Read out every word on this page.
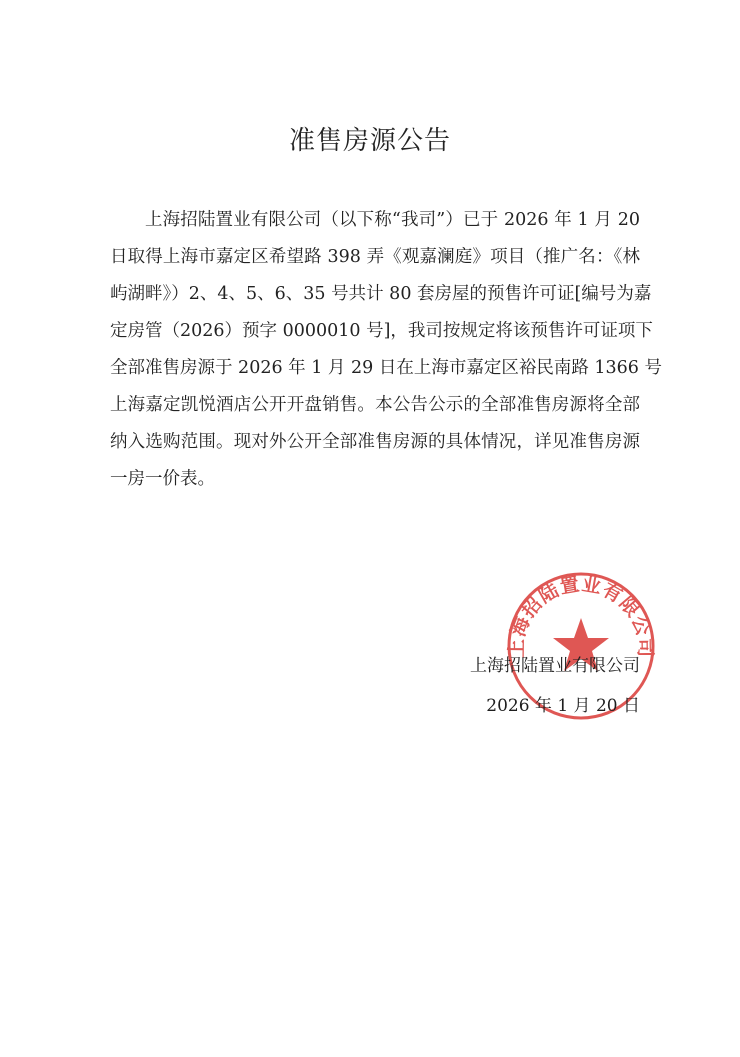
准售房源公告
上海招陆置业有限公司（以下称“我司”）已于 2026 年 1 月 20
日取得上海市嘉定区希望路 398 弄《观嘉澜庭》项目（推广名：《林
屿湖畔》）2、4、5、6、35 号共计 80 套房屋的预售许可证[编号为嘉
定房管（2026）预字 0000010 号]，我司按规定将该预售许可证项下
全部准售房源于 2026 年 1 月 29 日在上海市嘉定区裕民南路 1366 号
上海嘉定凯悦酒店公开开盘销售。本公告公示的全部准售房源将全部
纳入选购范围。现对外公开全部准售房源的具体情况，详见准售房源
一房一价表。
上海招陆置业有限公司
上海招陆置业有限公司
2026 年 1 月 20 日
